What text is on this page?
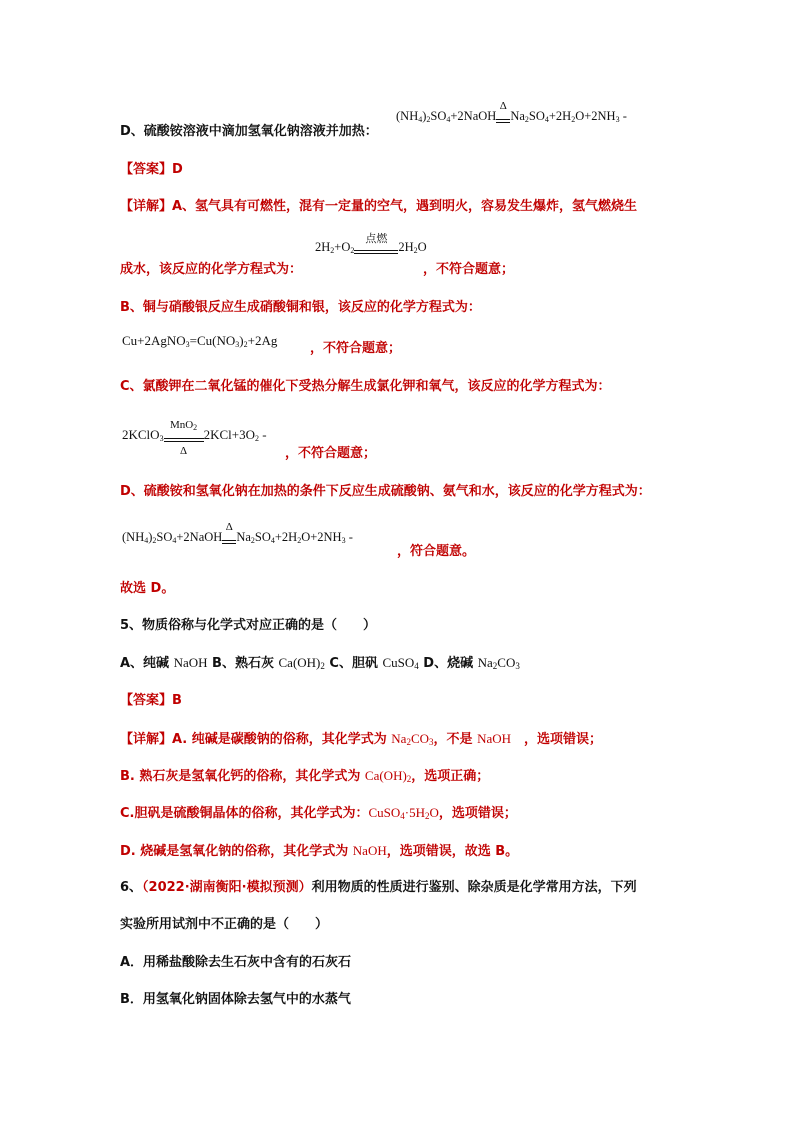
$(NH_4)_2SO_4+2NaOH$
Δ
$Na_2SO_4+2H_2O+2NH_3$ -
D、硫酸铵溶液中滴加氢氧化钠溶液并加热：
【答案】D
【详解】A、氢气具有可燃性，混有一定量的空气，遇到明火，容易发生爆炸，氢气燃烧生
$2H_2+O_2$
点燃
$2H_2O$
成水，该反应的化学方程式为：	，不符合题意；
B、铜与硝酸银反应生成硝酸铜和银，该反应的化学方程式为：
$Cu+2AgNO_3=Cu(NO_3)_2+2Ag$
，不符合题意；
C、氯酸钾在二氧化锰的催化下受热分解生成氯化钾和氧气，该反应的化学方程式为：
2KClO$_3$
MnO$_2$
Δ
$2KCl+3O_2$ -
，不符合题意；
D、硫酸铵和氢氧化钠在加热的条件下反应生成硫酸钠、氨气和水，该反应的化学方程式为：
$(NH_4)_2SO_4+2NaOH$
Δ
$Na_2SO_4+2H_2O+2NH_3$ -
，符合题意。
故选 D。
5、物质俗称与化学式对应正确的是（　　）
A、纯碱 NaOH B、熟石灰 $Ca(OH)_2$ C、胆矾 CuSO$_4$ D、烧碱 $Na_2CO_3$
【答案】B
【详解】A. 纯碱是碳酸钠的俗称，其化学式为 $Na_2CO_3$，不是 NaOH　，选项错误；
B. 熟石灰是氢氧化钙的俗称，其化学式为 $Ca(OH)_2$，选项正确；
C.胆矾是硫酸铜晶体的俗称，其化学式为：$CuSO_4\cdot 5H_2O$，选项错误；
D. 烧碱是氢氧化钠的俗称，其化学式为 NaOH，选项错误，故选 B。
6、（2022·湖南衡阳·模拟预测）利用物质的性质进行鉴别、除杂质是化学常用方法，下列
实验所用试剂中不正确的是（　　）
A．用稀盐酸除去生石灰中含有的石灰石
B．用氢氧化钠固体除去氢气中的水蒸气
